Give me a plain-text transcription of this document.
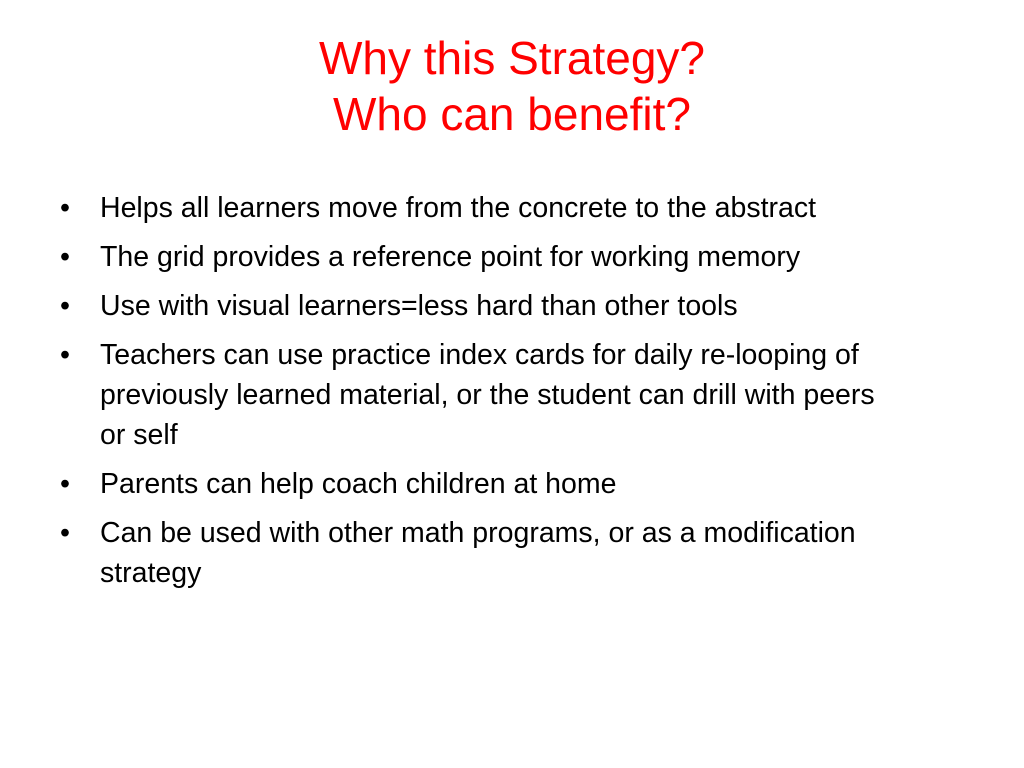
Why this Strategy?
Who can benefit?
•	Helps all learners move from the concrete to the abstract
•	The grid provides a reference point for working memory
•	Use with visual learners=less hard than other tools
•	Teachers can use practice index cards for daily re-looping of previously learned material, or the student can drill with peers or self
•	Parents can help coach children at home
•	Can be used with other math programs, or as a modification strategy
